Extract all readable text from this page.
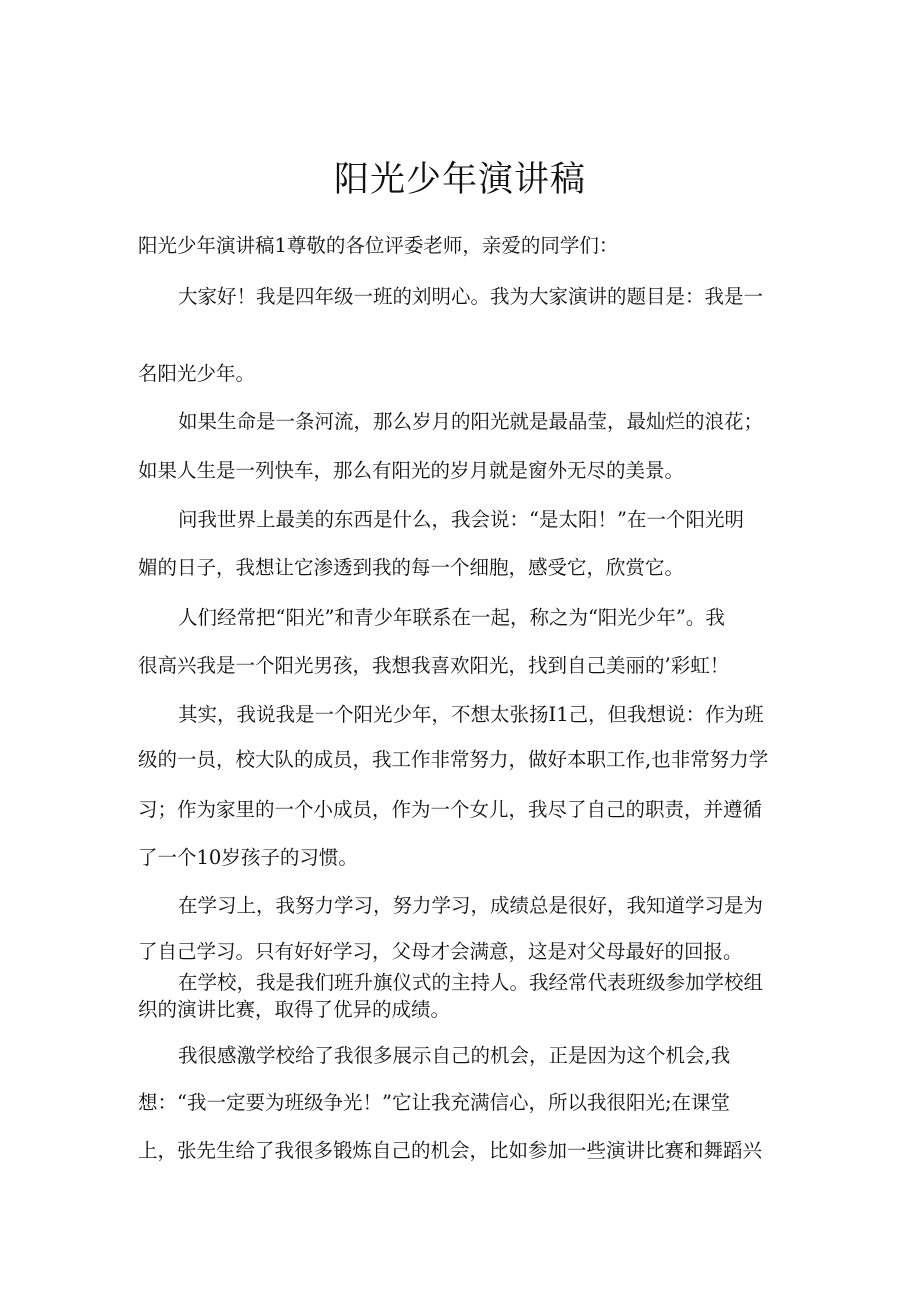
阳光少年演讲稿

阳光少年演讲稿1尊敬的各位评委老师，亲爱的同学们：

大家好！我是四年级一班的刘明心。我为大家演讲的题目是：我是一

名阳光少年。

如果生命是一条河流，那么岁月的阳光就是最晶莹，最灿烂的浪花；

如果人生是一列快车，那么有阳光的岁月就是窗外无尽的美景。

问我世界上最美的东西是什么，我会说：“是太阳！”在一个阳光明

媚的日子，我想让它渗透到我的每一个细胞，感受它，欣赏它。

人们经常把“阳光”和青少年联系在一起，称之为“阳光少年”。我

很高兴我是一个阳光男孩，我想我喜欢阳光，找到自己美丽的’彩虹！

其实，我说我是一个阳光少年，不想太张扬I1己，但我想说：作为班

级的一员，校大队的成员，我工作非常努力，做好本职工作,也非常努力学

习；作为家里的一个小成员，作为一个女儿，我尽了自己的职责，并遵循

了一个10岁孩子的习惯。

在学习上，我努力学习，努力学习，成绩总是很好，我知道学习是为

了自己学习。只有好好学习，父母才会满意，这是对父母最好的回报。

在学校，我是我们班升旗仪式的主持人。我经常代表班级参加学校组

织的演讲比赛，取得了优异的成绩。

我很感激学校给了我很多展示自己的机会，正是因为这个机会,我

想：“我一定要为班级争光！”它让我充满信心，所以我很阳光;在课堂

上，张先生给了我很多锻炼自己的机会，比如参加一些演讲比赛和舞蹈兴
